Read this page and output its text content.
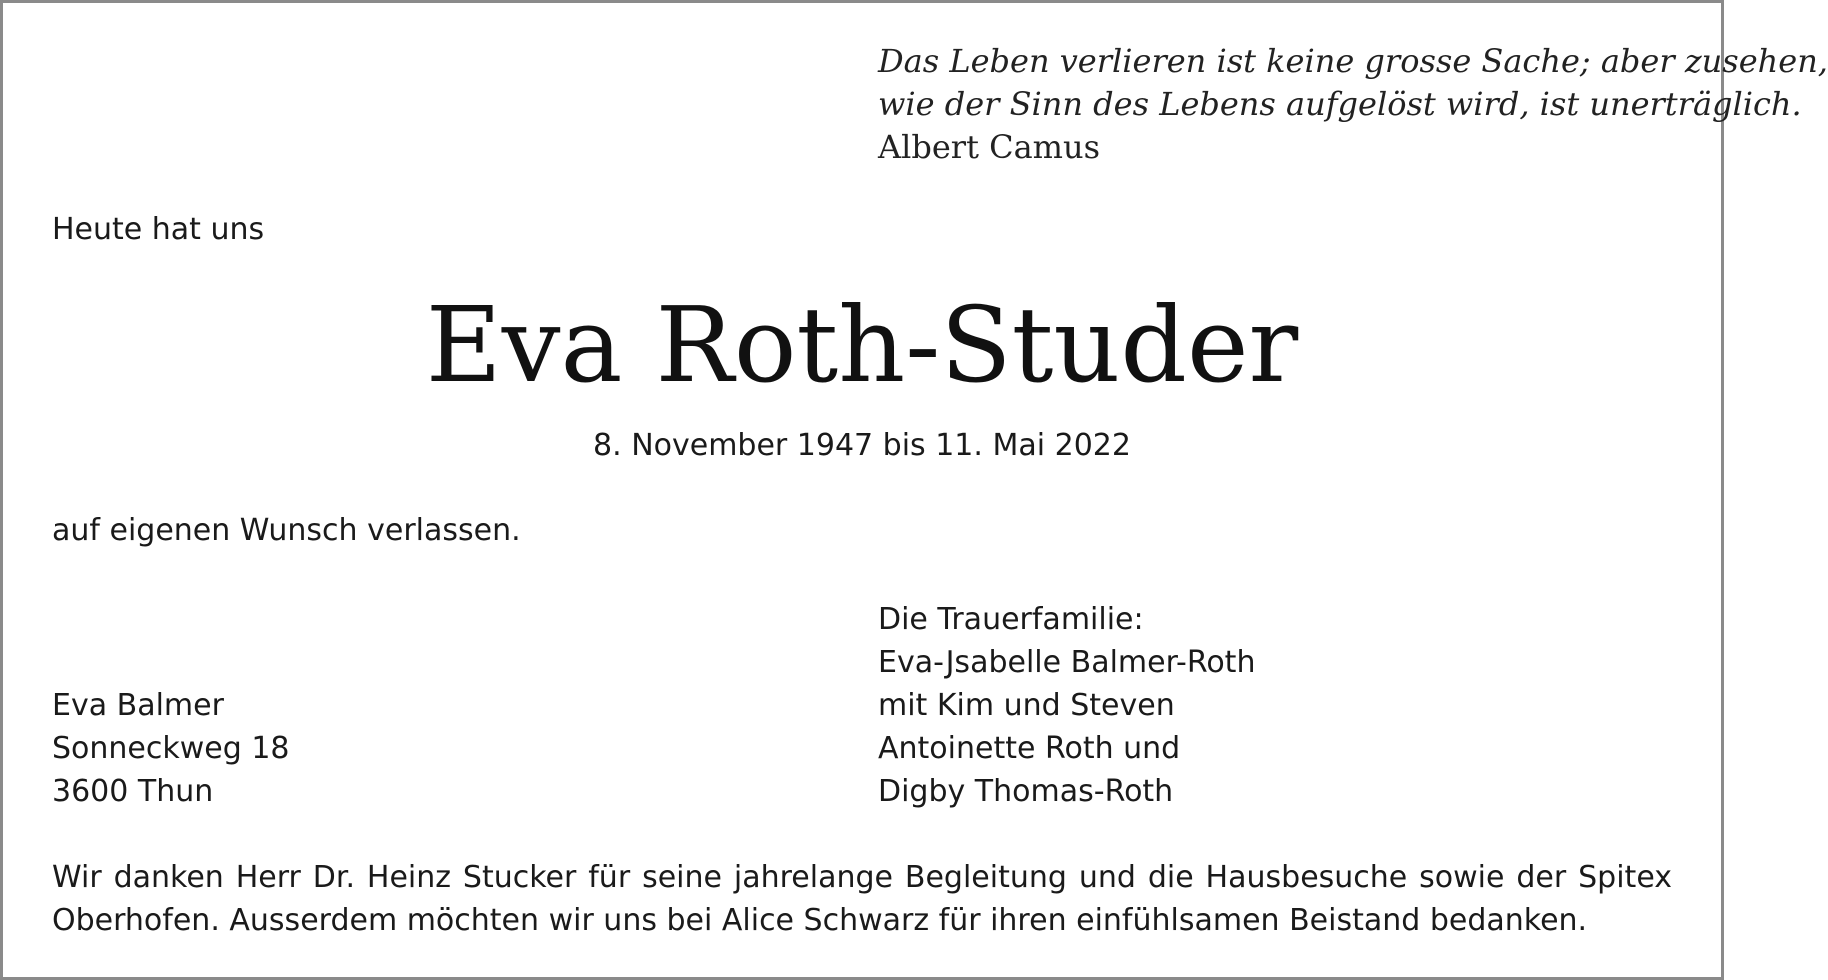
Das Leben verlieren ist keine grosse Sache; aber zusehen,
wie der Sinn des Lebens aufgelöst wird, ist unerträglich.
Albert Camus
Heute hat uns
Eva Roth-Studer
8. November 1947 bis 11. Mai 2022
auf eigenen Wunsch verlassen.
Die Trauerfamilie:
Eva-Jsabelle Balmer-Roth
mit Kim und Steven
Antoinette Roth und
Digby Thomas-Roth
Eva Balmer
Sonneckweg 18
3600 Thun
Wir danken Herr Dr. Heinz Stucker für seine jahrelange Begleitung und die Hausbesuche sowie der Spitex Oberhofen. Ausserdem möchten wir uns bei Alice Schwarz für ihren einfühlsamen Beistand bedanken.
